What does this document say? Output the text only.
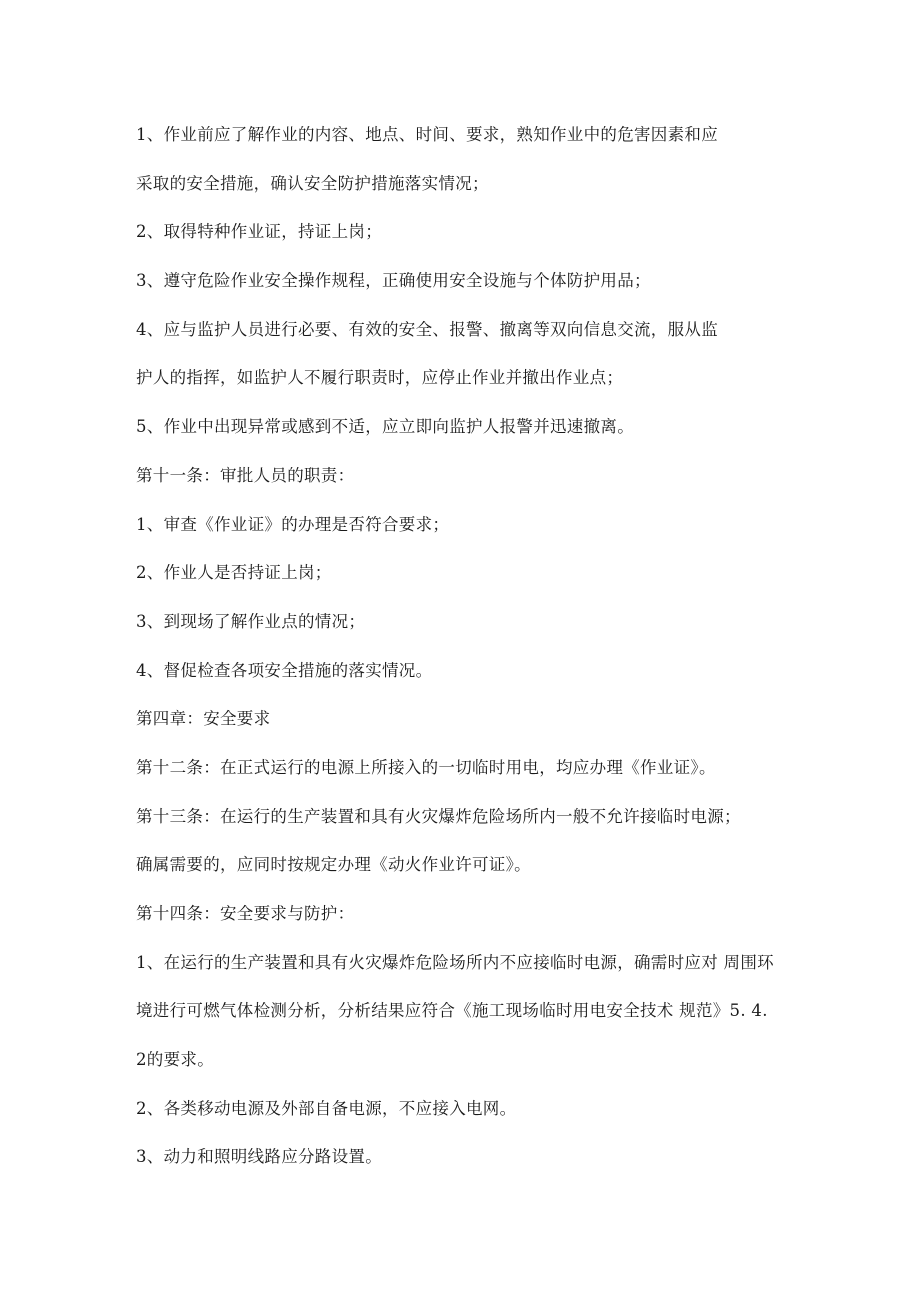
1、作业前应了解作业的内容、地点、时间、要求，熟知作业中的危害因素和应
采取的安全措施，确认安全防护措施落实情况；
2、取得特种作业证，持证上岗；
3、遵守危险作业安全操作规程，正确使用安全设施与个体防护用品；
4、应与监护人员进行必要、有效的安全、报警、撤离等双向信息交流，服从监
护人的指挥，如监护人不履行职责时，应停止作业并撤出作业点；
5、作业中出现异常或感到不适，应立即向监护人报警并迅速撤离。
第十一条：审批人员的职责：
1、审查《作业证》的办理是否符合要求；
2、作业人是否持证上岗；
3、到现场了解作业点的情况；
4、督促检查各项安全措施的落实情况。
第四章：安全要求
第十二条：在正式运行的电源上所接入的一切临时用电，均应办理《作业证》。
第十三条：在运行的生产装置和具有火灾爆炸危险场所内一般不允许接临时电源；
确属需要的，应同时按规定办理《动火作业许可证》。
第十四条：安全要求与防护：
1、在运行的生产装置和具有火灾爆炸危险场所内不应接临时电源，确需时应对 周围环
境进行可燃气体检测分析，分析结果应符合《施工现场临时用电安全技术 规范》5. 4.
2的要求。
2、各类移动电源及外部自备电源，不应接入电网。
3、动力和照明线路应分路设置。
